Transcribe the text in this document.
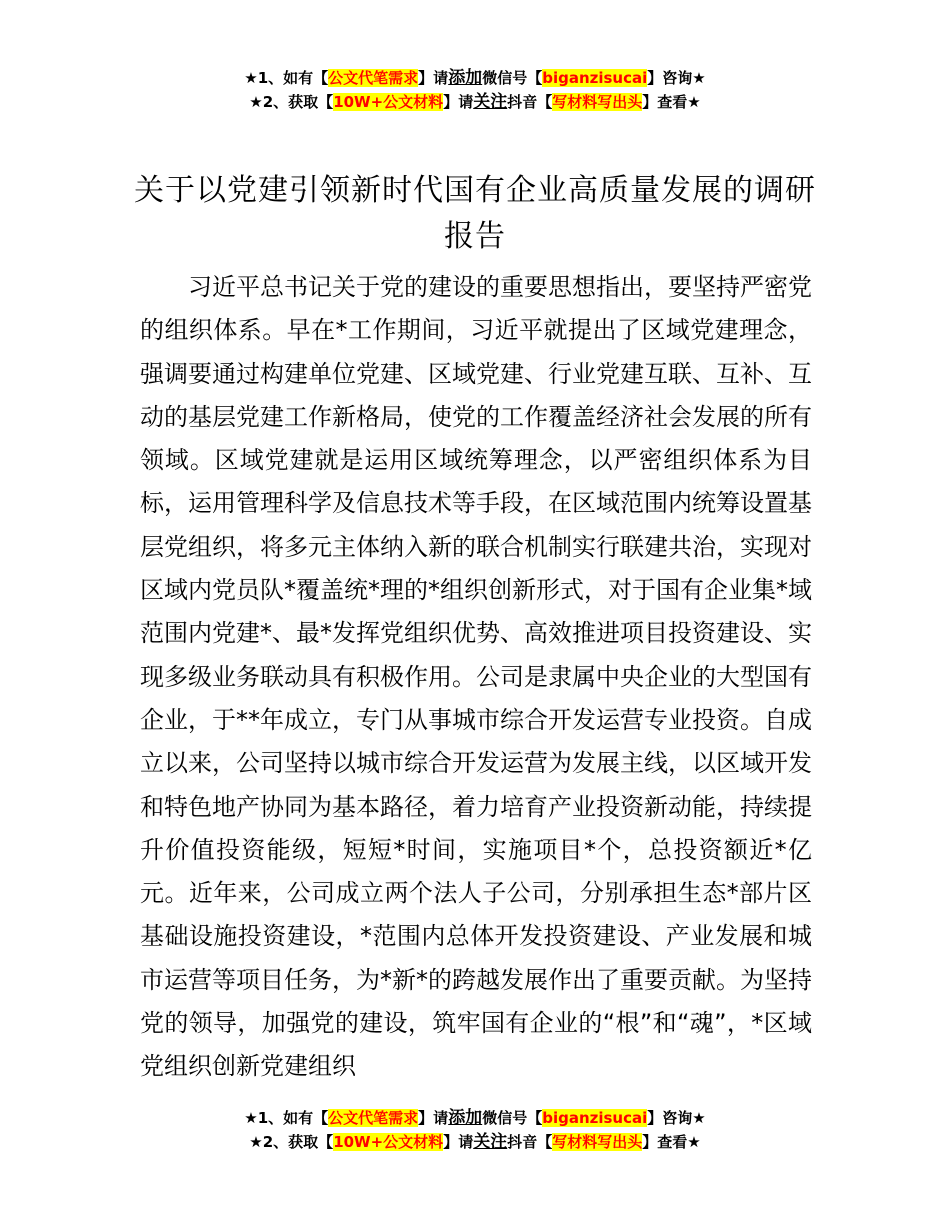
★1、如有【公文代笔需求】请添加微信号【biganzisucai】咨询★
★2、获取【10W+公文材料】请关注抖音【写材料写出头】查看★
关于以党建引领新时代国有企业高质量发展的调研报告

习近平总书记关于党的建设的重要思想指出，要坚持严密党的组织体系。早在*工作期间，习近平就提出了区域党建理念，强调要通过构建单位党建、区域党建、行业党建互联、互补、互动的基层党建工作新格局，使党的工作覆盖经济社会发展的所有领域。区域党建就是运用区域统筹理念，以严密组织体系为目标，运用管理科学及信息技术等手段，在区域范围内统筹设置基层党组织，将多元主体纳入新的联合机制实行联建共治，实现对区域内党员队*覆盖统*理的*组织创新形式，对于国有企业集*域范围内党建*、最*发挥党组织优势、高效推进项目投资建设、实现多级业务联动具有积极作用。公司是隶属中央企业的大型国有企业，于**年成立，专门从事城市综合开发运营专业投资。自成立以来，公司坚持以城市综合开发运营为发展主线，以区域开发和特色地产协同为基本路径，着力培育产业投资新动能，持续提升价值投资能级，短短*时间，实施项目*个，总投资额近*亿元。近年来，公司成立两个法人子公司，分别承担生态*部片区基础设施投资建设，*范围内总体开发投资建设、产业发展和城市运营等项目任务，为*新*的跨越发展作出了重要贡献。为坚持党的领导，加强党的建设，筑牢国有企业的“根”和“魂”，*区域党组织创新党建组织

★1、如有【公文代笔需求】请添加微信号【biganzisucai】咨询★
★2、获取【10W+公文材料】请关注抖音【写材料写出头】查看★
